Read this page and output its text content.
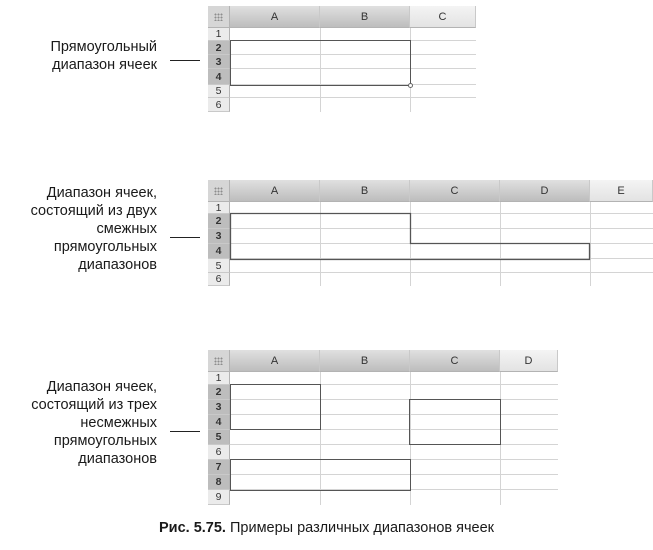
Прямоугольный
диапазон ячеек
A	B	C
1
2
3
4
5
6
Диапазон ячеек,
состоящий из двух
смежных
прямоугольных
диапазонов
A	B	C	D	E
1
2
3
4
5
6
Диапазон ячеек,
состоящий из трех
несмежных
прямоугольных
диапазонов
A	B	C	D
1
2
3
4
5
6
7
8
9
Рис. 5.75. Примеры различных диапазонов ячеек
